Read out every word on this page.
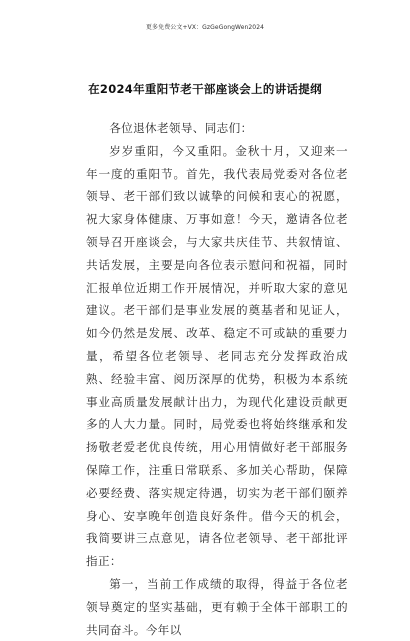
更多免费公文+VX：GzGeGongWen2024
在2024年重阳节老干部座谈会上的讲话提纲

各位退休老领导、同志们：

岁岁重阳，今又重阳。金秋十月，又迎来一年一度的重阳节。首先，我代表局党委对各位老领导、老干部们致以诚挚的问候和衷心的祝愿，祝大家身体健康、万事如意！今天，邀请各位老领导召开座谈会，与大家共庆佳节、共叙情谊、共话发展，主要是向各位表示慰问和祝福，同时汇报单位近期工作开展情况，并听取大家的意见建议。老干部们是事业发展的奠基者和见证人，如今仍然是发展、改革、稳定不可或缺的重要力量，希望各位老领导、老同志充分发挥政治成熟、经验丰富、阅历深厚的优势，积极为本系统事业高质量发展献计出力，为现代化建设贡献更多的人大力量。同时，局党委也将始终继承和发扬敬老爱老优良传统，用心用情做好老干部服务保障工作，注重日常联系、多加关心帮助，保障必要经费、落实规定待遇，切实为老干部们颐养身心、安享晚年创造良好条件。借今天的机会，我简要讲三点意见，请各位老领导、老干部批评指正：

第一，当前工作成绩的取得，得益于各位老领导奠定的坚实基础，更有赖于全体干部职工的共同奋斗。今年以
